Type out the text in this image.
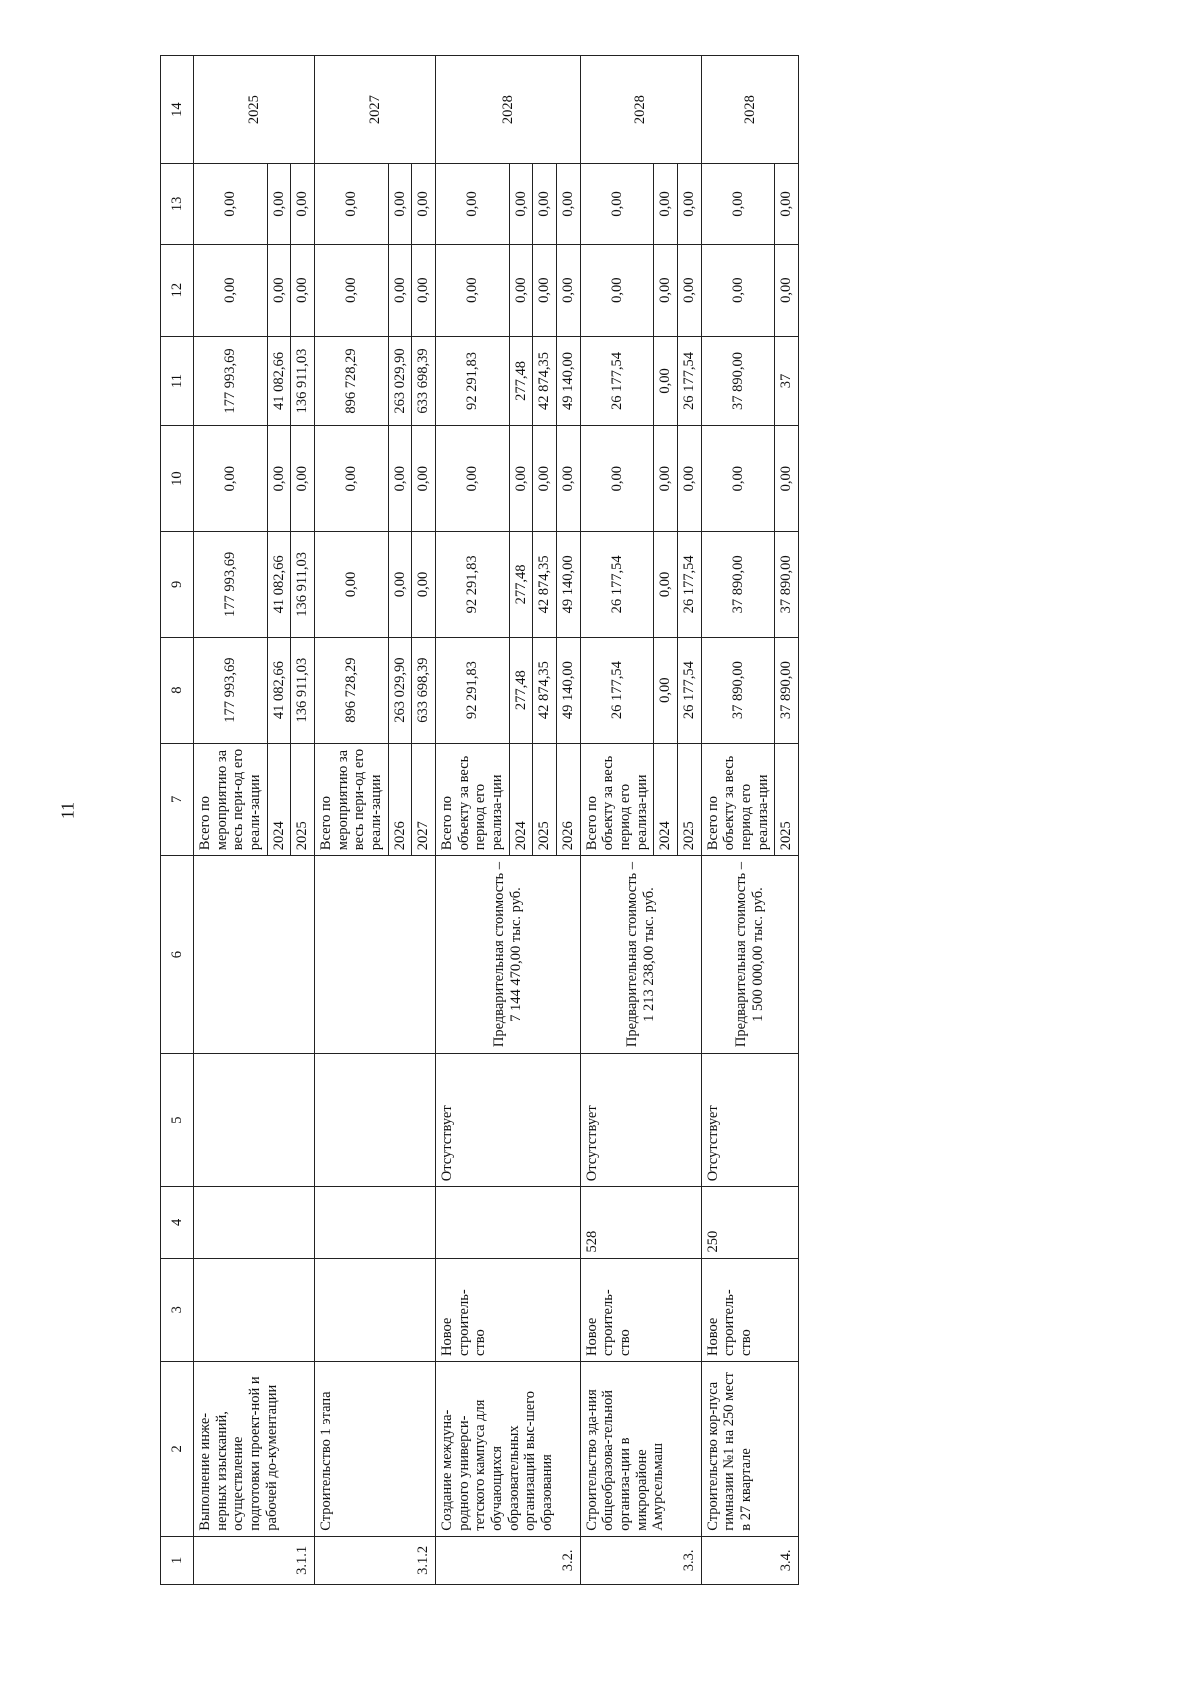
11
1	2	3	4	5	6	7	8	9	10	11	12	13	14
3.1.1	Выполнение инже-нерных изысканий, осуществление подготовки проект-ной и рабочей до-кументации					Всего по мероприятию за весь пери-од его реали-зации	177 993,69	177 993,69	0,00	177 993,69	0,00	0,00	2025
						2024	41 082,66	41 082,66	0,00	41 082,66	0,00	0,00	
						2025	136 911,03	136 911,03	0,00	136 911,03	0,00	0,00	
3.1.2	Строительство 1 этапа					Всего по мероприятию за весь пери-од его реали-зации	896 728,29	0,00	0,00	896 728,29	0,00	0,00	2027
						2026	263 029,90	0,00	0,00	263 029,90	0,00	0,00	
						2027	633 698,39	0,00	0,00	633 698,39	0,00	0,00	
3.2.	Создание междуна-родного универси-тетского кампуса для обучающихся образовательных организаций выс-шего образования	Новое строитель-ство		Отсутствует	Предварительная стоимость – 7 144 470,00 тыс. руб.	Всего по объекту за весь период его реализа-ции	92 291,83	92 291,83	0,00	92 291,83	0,00	0,00	2028
						2024	277,48	277,48	0,00	277,48	0,00	0,00	
						2025	42 874,35	42 874,35	0,00	42 874,35	0,00	0,00	
						2026	49 140,00	49 140,00	0,00	49 140,00	0,00	0,00	
3.3.	Строительство зда-ния общеобразова-тельной организа-ции в микрорайоне Амурсельмаш	Новое строитель-ство	528	Отсутствует	Предварительная стоимость – 1 213 238,00 тыс. руб.	Всего по объекту за весь период его реализа-ции	26 177,54	26 177,54	0,00	26 177,54	0,00	0,00	2028
						2024	0,00	0,00	0,00	0,00	0,00	0,00	
						2025	26 177,54	26 177,54	0,00	26 177,54	0,00	0,00	
3.4.	Строительство кор-пуса гимназии №1 на 250 мест в 27 квартале	Новое строитель-ство	250	Отсутствует	Предварительная стоимость – 1 500 000,00 тыс. руб.	Всего по объекту за весь период его реализа-ции	37 890,00	37 890,00	0,00	37 890,00	0,00	0,00	2028
						2025	37 890,00	37 890,00	0,00	37	0,00	0,00	
